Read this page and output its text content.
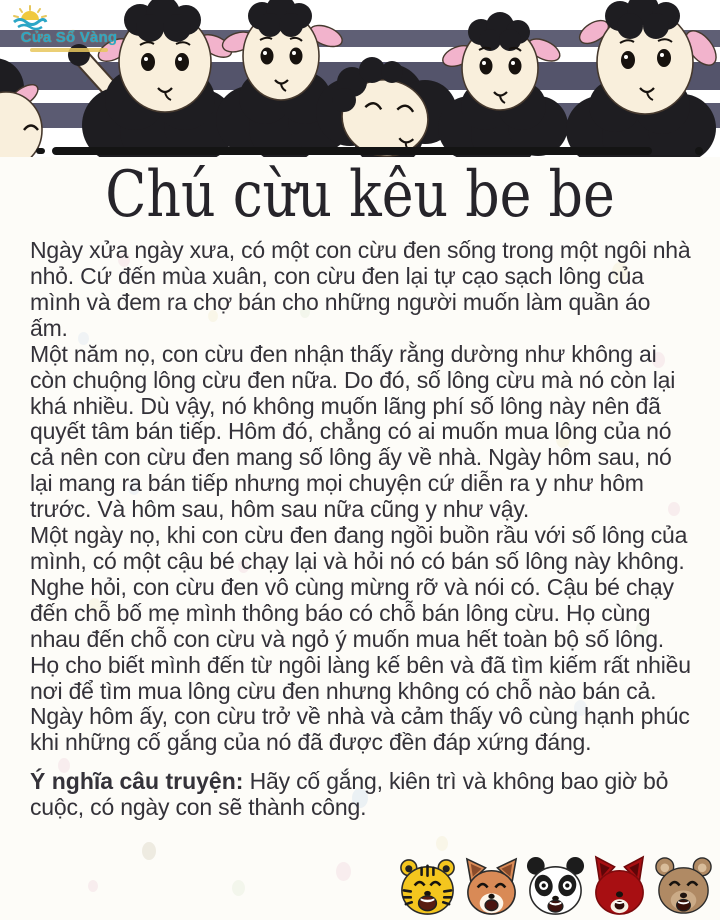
Cửa Sổ Vàng
Chú cừu kêu be be

Ngày xửa ngày xưa, có một con cừu đen sống trong một ngôi nhà nhỏ. Cứ đến mùa xuân, con cừu đen lại tự cạo sạch lông của mình và đem ra chợ bán cho những người muốn làm quần áo ấm.

Một năm nọ, con cừu đen nhận thấy rằng dường như không ai còn chuộng lông cừu đen nữa. Do đó, số lông cừu mà nó còn lại khá nhiều. Dù vậy, nó không muốn lãng phí số lông này nên đã quyết tâm bán tiếp. Hôm đó, chẳng có ai muốn mua lông của nó cả nên con cừu đen mang số lông ấy về nhà. Ngày hôm sau, nó lại mang ra bán tiếp nhưng mọi chuyện cứ diễn ra y như hôm trước. Và hôm sau, hôm sau nữa cũng y như vậy.

Một ngày nọ, khi con cừu đen đang ngồi buồn rầu với số lông của mình, có một cậu bé chạy lại và hỏi nó có bán số lông này không. Nghe hỏi, con cừu đen vô cùng mừng rỡ và nói có. Cậu bé chạy đến chỗ bố mẹ mình thông báo có chỗ bán lông cừu. Họ cùng nhau đến chỗ con cừu và ngỏ ý muốn mua hết toàn bộ số lông. Họ cho biết mình đến từ ngôi làng kế bên và đã tìm kiếm rất nhiều nơi để tìm mua lông cừu đen nhưng không có chỗ nào bán cả. Ngày hôm ấy, con cừu trở về nhà và cảm thấy vô cùng hạnh phúc khi những cố gắng của nó đã được đền đáp xứng đáng.

Ý nghĩa câu truyện: Hãy cố gắng, kiên trì và không bao giờ bỏ cuộc, có ngày con sẽ thành công.
